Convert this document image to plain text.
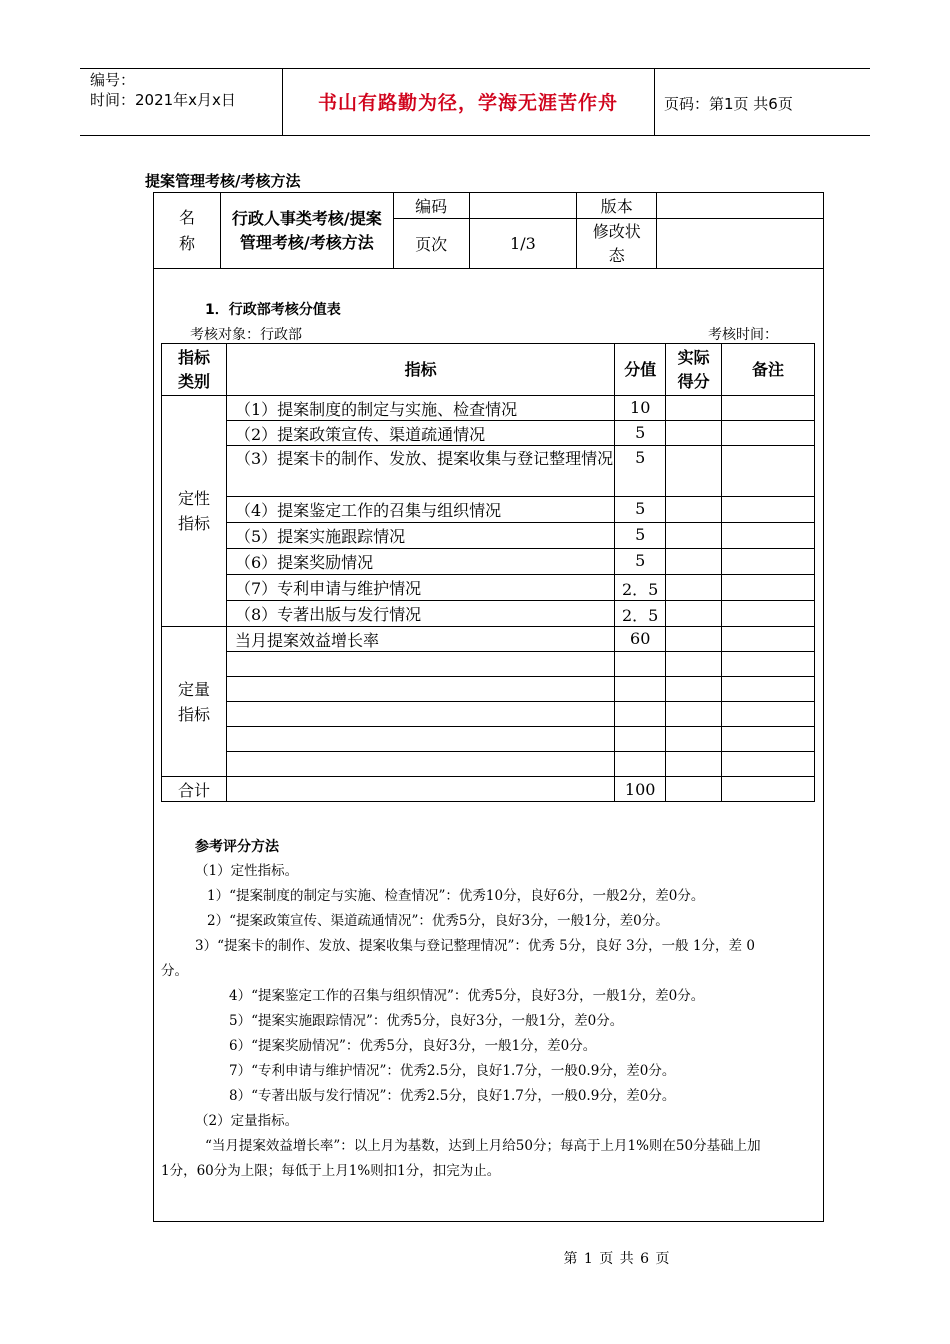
编号：
时间：2021年x月x日	书山有路勤为径，学海无涯苦作舟	页码：第1页 共6页
提案管理考核/考核方法
名称	行政人事类考核/提案管理考核/考核方法	编码		版本	
		页次	1/3	修改状态	

1．行政部考核分值表
考核对象：行政部	考核时间：
指标类别	指标	分值	实际得分	备注

定性指标	（1）提案制度的制定与实施、检查情况	10		
	（2）提案政策宣传、渠道疏通情况	5		
	（3）提案卡的制作、发放、提案收集与登记整理情况	5		
	（4）提案鉴定工作的召集与组织情况	5		
	（5）提案实施跟踪情况	5		
	（6）提案奖励情况	5		
	（7）专利申请与维护情况	2．5		
	（8）专著出版与发行情况	2．5		

定量指标	当月提案效益增长率	60		

合计		100		
参考评分方法
（1）定性指标。
1）“提案制度的制定与实施、检查情况”：优秀10分，良好6分，一般2分，差0分。
2）“提案政策宣传、渠道疏通情况”：优秀5分，良好3分，一般1分，差0分。
3）“提案卡的制作、发放、提案收集与登记整理情况”：优秀 5分，良好 3分，一般 1分，差 0
分。
4）“提案鉴定工作的召集与组织情况”：优秀5分，良好3分，一般1分，差0分。
5）“提案实施跟踪情况”：优秀5分，良好3分，一般1分，差0分。
6）“提案奖励情况”：优秀5分，良好3分，一般1分，差0分。
7）“专利申请与维护情况”：优秀2.5分，良好1.7分，一般0.9分，差0分。
8）“专著出版与发行情况”：优秀2.5分，良好1.7分，一般0.9分，差0分。
（2）定量指标。
“当月提案效益增长率”：以上月为基数，达到上月给50分；每高于上月1%则在50分基础上加
1分，60分为上限；每低于上月1%则扣1分，扣完为止。
第 1 页 共 6 页
